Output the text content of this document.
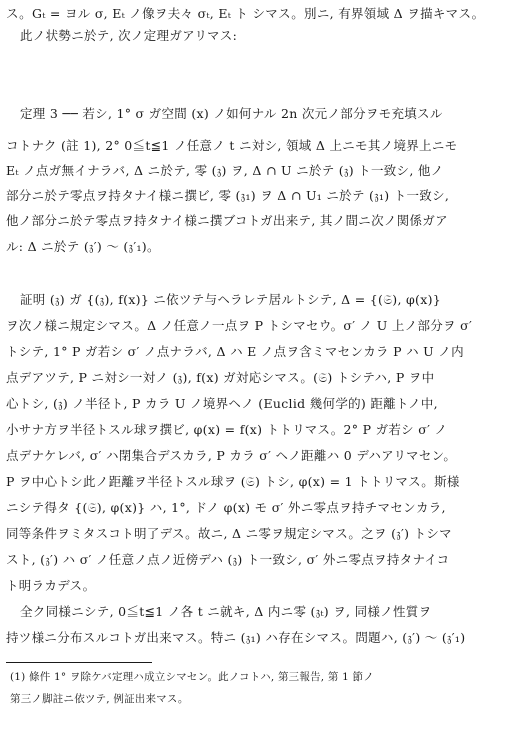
ス。Gₜ = ヨル σ, Eₜ ノ像ヲ夫々 σₜ, Eₜ ト シマス。別ニ, 有界領域 Δ ヲ描キマス。
此ノ状勢ニ於テ, 次ノ定理ガアリマス:
定理 3 ── 若シ, 1° σ ガ空間 (x) ノ如何ナル 2n 次元ノ部分ヲモ充填スル
コトナク (註 1), 2° 0≦t≦1 ノ任意ノ t ニ対シ, 領域 Δ 上ニモ其ノ境界上ニモ
Eₜ ノ点ガ無イナラバ, Δ ニ於テ, 零 (𝔷) ヲ, Δ ∩ U ニ於テ (𝔷) ト一致シ, 他ノ
部分ニ於テ零点ヲ持タナイ様ニ撰ビ, 零 (𝔷₁) ヲ Δ ∩ U₁ ニ於テ (𝔷₁) ト一致シ,
他ノ部分ニ於テ零点ヲ持タナイ様ニ撰ブコトガ出来テ, 其ノ間ニ次ノ関係ガア
ル: Δ ニ於テ (𝔷′) 〜 (𝔷′₁)。
証明 (𝔷) ガ {(𝔷), f(x)} ニ依ツテ与ヘラレテ居ルトシテ, Δ = {(𝔖), φ(x)}
ヲ次ノ様ニ規定シマス。Δ ノ任意ノ一点ヲ P トシマセウ。σ′ ノ U 上ノ部分ヲ σ′
トシテ, 1° P ガ若シ σ′ ノ点ナラバ, Δ ハ E ノ点ヲ含ミマセンカラ P ハ U ノ内
点デアツテ, P ニ対シ一対ノ (𝔷), f(x) ガ対応シマス。(𝔖) トシテハ, P ヲ中
心トシ, (𝔷) ノ半径ト, P カラ U ノ境界ヘノ (Euclid 幾何学的) 距離トノ中,
小サナ方ヲ半径トスル球ヲ撰ビ, φ(x) = f(x) トトリマス。2° P ガ若シ σ′ ノ
点デナケレバ, σ′ ハ閉集合デスカラ, P カラ σ′ ヘノ距離ハ 0 デハアリマセン。
P ヲ中心トシ此ノ距離ヲ半径トスル球ヲ (𝔖) トシ, φ(x) = 1 トトリマス。斯様
ニシテ得タ {(𝔖), φ(x)} ハ, 1°, ドノ φ(x) モ σ′ 外ニ零点ヲ持チマセンカラ,
同等条件ヲミタスコト明了デス。故ニ, Δ ニ零ヲ規定シマス。之ヲ (𝔷′) トシマ
スト, (𝔷′) ハ σ′ ノ任意ノ点ノ近傍デハ (𝔷) ト一致シ, σ′ 外ニ零点ヲ持タナイコ
ト明ラカデス。
全ク同様ニシテ, 0≦t≦1 ノ各 t ニ就キ, Δ 内ニ零 (𝔷ₜ) ヲ, 同様ノ性質ヲ
持ツ様ニ分布スルコトガ出来マス。特ニ (𝔷₁) ハ存在シマス。問題ハ, (𝔷′) 〜 (𝔷′₁)
(1) 條件 1° ヲ除ケバ定理ハ成立シマセン。此ノコトハ, 第三報告, 第 1 節ノ
第三ノ脚註ニ依ツテ, 例証出来マス。
